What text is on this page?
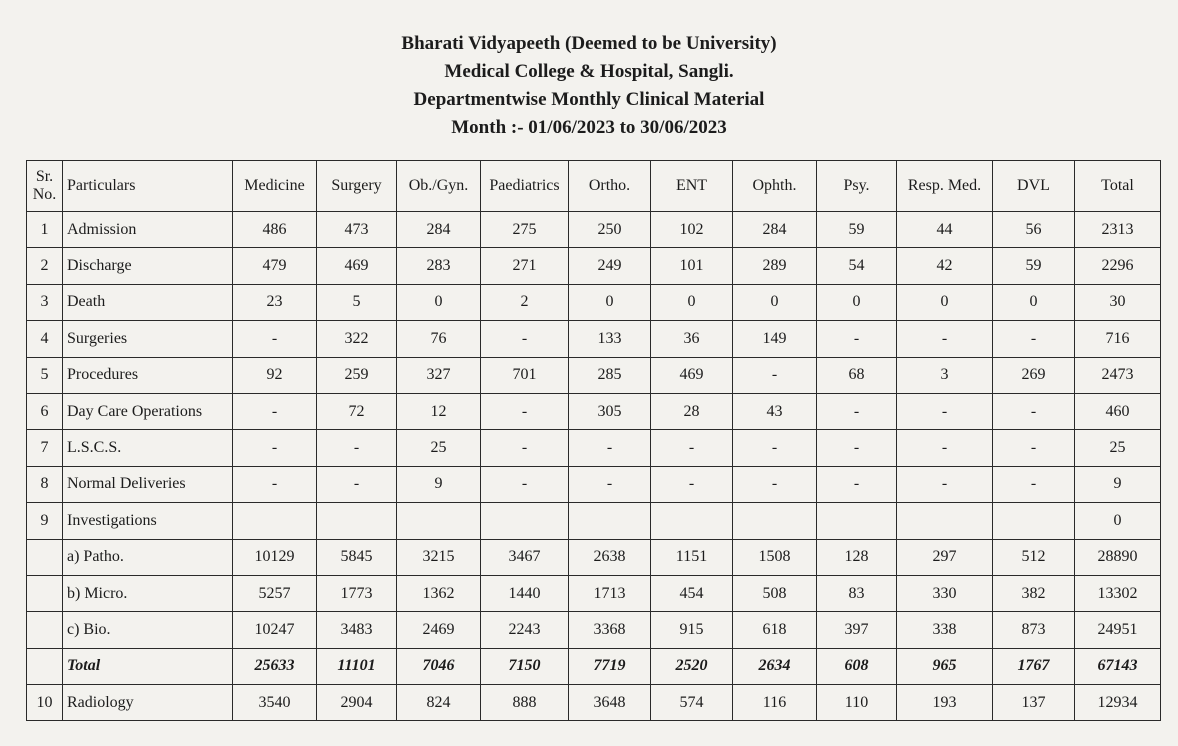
Bharati Vidyapeeth (Deemed to be University)
Medical College & Hospital, Sangli.
Departmentwise Monthly Clinical Material
Month :- 01/06/2023 to 30/06/2023
Sr.
No.	Particulars	Medicine	Surgery	Ob./Gyn.	Paediatrics	Ortho.	ENT	Ophth.	Psy.	Resp. Med.	DVL	Total
1	Admission	486	473	284	275	250	102	284	59	44	56	2313
2	Discharge	479	469	283	271	249	101	289	54	42	59	2296
3	Death	23	5	0	2	0	0	0	0	0	0	30
4	Surgeries	-	322	76	-	133	36	149	-	-	-	716
5	Procedures	92	259	327	701	285	469	-	68	3	269	2473
6	Day Care Operations	-	72	12	-	305	28	43	-	-	-	460
7	L.S.C.S.	-	-	25	-	-	-	-	-	-	-	25
8	Normal Deliveries	-	-	9	-	-	-	-	-	-	-	9
9	Investigations											0
	a) Patho.	10129	5845	3215	3467	2638	1151	1508	128	297	512	28890
	b) Micro.	5257	1773	1362	1440	1713	454	508	83	330	382	13302
	c) Bio.	10247	3483	2469	2243	3368	915	618	397	338	873	24951
	Total	25633	11101	7046	7150	7719	2520	2634	608	965	1767	67143
10	Radiology	3540	2904	824	888	3648	574	116	110	193	137	12934
